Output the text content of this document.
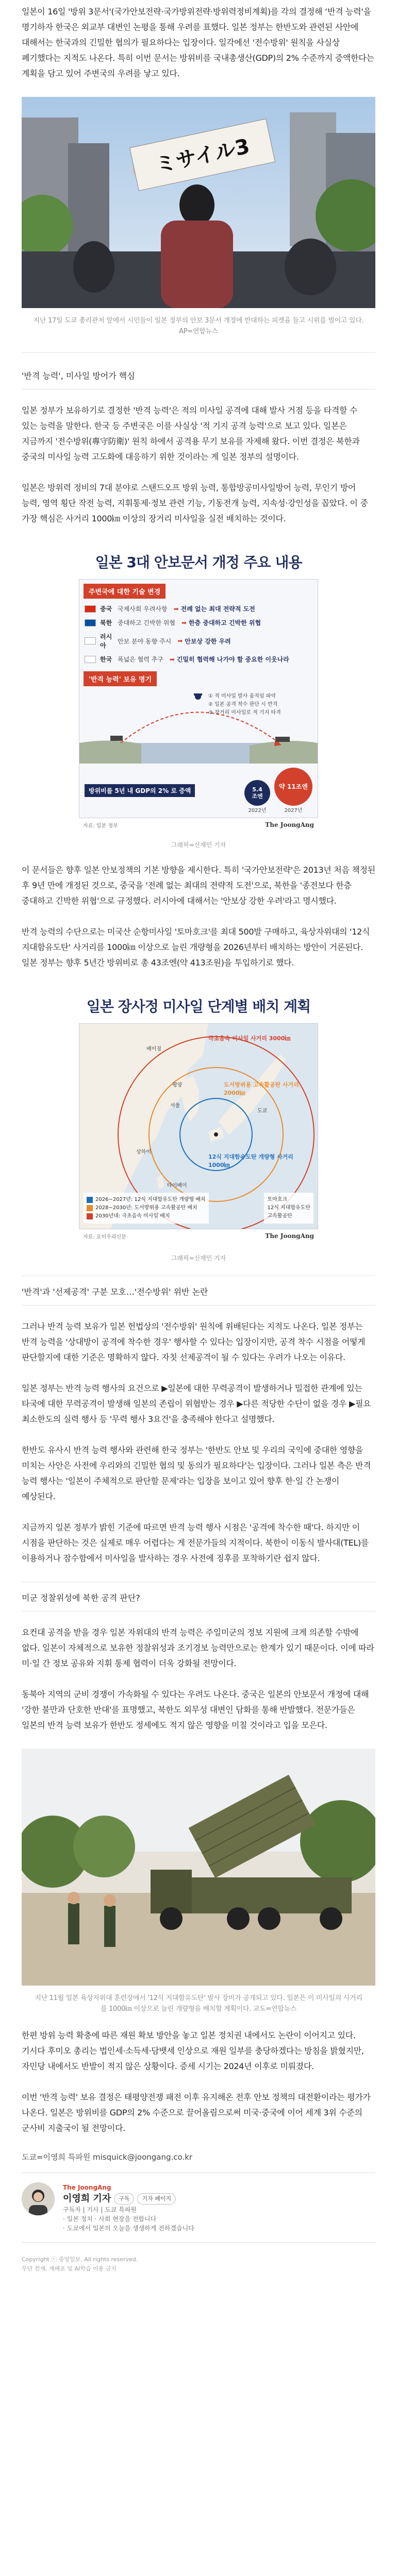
일본이 16일 '방위 3문서'(국가안보전략·국가방위전략·방위력정비계획)를 각의 결정해 ‘반격 능력'을 명기하자 한국은 외교부 대변인 논평을 통해 우려를 표했다. 일본 정부는 한반도와 관련된 사안에 대해서는 한국과의 긴밀한 협의가 필요하다는 입장이다. 일각에선 '전수방위' 원칙을 사실상 폐기했다는 지적도 나온다. 특히 이번 문서는 방위비를 국내총생산(GDP)의 2% 수준까지 증액한다는 계획을 담고 있어 주변국의 우려를 낳고 있다.

ミサイル3

지난 17일 도쿄 총리관저 앞에서 시민들이 일본 정부의 안보 3문서 개정에 반대하는 피켓을 들고 시위를 벌이고 있다. AP=연합뉴스

'반격 능력', 미사일 방어가 핵심

일본 정부가 보유하기로 결정한 '반격 능력'은 적의 미사일 공격에 대해 발사 거점 등을 타격할 수 있는 능력을 말한다. 한국 등 주변국은 이를 사실상 '적 기지 공격 능력'으로 보고 있다. 일본은 지금까지 '전수방위(專守防衛)' 원칙 하에서 공격용 무기 보유를 자제해 왔다. 이번 결정은 북한과 중국의 미사일 능력 고도화에 대응하기 위한 것이라는 게 일본 정부의 설명이다.

일본은 방위력 정비의 7대 분야로 스탠드오프 방위 능력, 통합방공미사일방어 능력, 무인기 방어 능력, 영역 횡단 작전 능력, 지휘통제·정보 관련 기능, 기동전개 능력, 지속성·강인성을 꼽았다. 이 중 가장 핵심은 사거리 1000㎞ 이상의 장거리 미사일을 실전 배치하는 것이다.

일본 3대 안보문서 개정 주요 내용
주변국에 대한 기술 변경
중국 국제사회 우려사항 ➡ 전례 없는 최대 전략적 도전
북한 중대하고 긴박한 위협 ➡ 한층 중대하고 긴박한 위협
러시아
안보 분야 동향 주시 ➡ 안보상 강한 우려
한국 폭넓은 협력 추구 ➡ 긴밀히 협력해 나가야 할 중요한 이웃나라
'반격 능력' 보유 명기
① 적 미사일 발사 움직임 파악
② 일본 공격 착수 판단 시 반격
③ 장거리 미사일로 적 기지 타격
방위비를 5년 내 GDP의 2% 로 증액	5.4
조엔
2022년
약 11조엔
2027년
자료: 일본 정부	The JoongAng

그래픽=신재민 기자

이 문서들은 향후 일본 안보정책의 기본 방향을 제시한다. 특히 '국가안보전략'은 2013년 처음 책정된 후 9년 만에 개정된 것으로, 중국을 '전례 없는 최대의 전략적 도전'으로, 북한을 '종전보다 한층 중대하고 긴박한 위협'으로 규정했다. 러시아에 대해서는 '안보상 강한 우려'라고 명시했다.

반격 능력의 수단으로는 미국산 순항미사일 '토마호크'를 최대 500발 구매하고, 육상자위대의 '12식 지대함유도탄' 사거리를 1000㎞ 이상으로 늘린 개량형을 2026년부터 배치하는 방안이 거론된다. 일본 정부는 향후 5년간 방위비로 총 43조엔(약 413조원)을 투입하기로 했다.

일본 장사정 미사일 단계별 배치 계획
극초음속 미사일 사거리 3000㎞
도서방위용 고속활공탄 사거리 2000㎞
12식 지대함유도탄 개량형 사거리 1000㎞
베이징
서울
평양
도쿄
상하이
타이베이
2026~2027년: 12식 지대함유도탄 개량형 배치
2028~2030년: 도서방위용 고속활공탄 배치
2030년대: 극초음속 미사일 배치
토마호크
12식 지대함유도탄
고속활공탄
자료: 요미우리신문	The JoongAng

그래픽=신재민 기자

'반격'과 '선제공격' 구분 모호…'전수방위' 위반 논란

그러나 반격 능력 보유가 일본 헌법상의 '전수방위' 원칙에 위배된다는 지적도 나온다. 일본 정부는 반격 능력을 '상대방이 공격에 착수한 경우' 행사할 수 있다는 입장이지만, 공격 착수 시점을 어떻게 판단할지에 대한 기준은 명확하지 않다. 자칫 선제공격이 될 수 있다는 우려가 나오는 이유다.

일본 정부는 반격 능력 행사의 요건으로 ▶일본에 대한 무력공격이 발생하거나 밀접한 관계에 있는 타국에 대한 무력공격이 발생해 일본의 존립이 위협받는 경우 ▶다른 적당한 수단이 없을 경우 ▶필요 최소한도의 실력 행사 등 '무력 행사 3요건'을 충족해야 한다고 설명했다.

한반도 유사시 반격 능력 행사와 관련해 한국 정부는 '한반도 안보 및 우리의 국익에 중대한 영향을 미치는 사안은 사전에 우리와의 긴밀한 협의 및 동의가 필요하다'는 입장이다. 그러나 일본 측은 반격 능력 행사는 '일본이 주체적으로 판단할 문제'라는 입장을 보이고 있어 향후 한·일 간 논쟁이 예상된다.

지금까지 일본 정부가 밝힌 기준에 따르면 반격 능력 행사 시점은 '공격에 착수한 때'다. 하지만 이 시점을 판단하는 것은 실제로 매우 어렵다는 게 전문가들의 지적이다. 북한이 이동식 발사대(TEL)를 이용하거나 잠수함에서 미사일을 발사하는 경우 사전에 징후를 포착하기란 쉽지 않다.

미군 정찰위성에 북한 공격 판단?

요컨대 공격을 받을 경우 일본 자위대의 반격 능력은 주일미군의 정보 지원에 크게 의존할 수밖에 없다. 일본이 자체적으로 보유한 정찰위성과 조기경보 능력만으로는 한계가 있기 때문이다. 이에 따라 미·일 간 정보 공유와 지휘 통제 협력이 더욱 강화될 전망이다.

동북아 지역의 군비 경쟁이 가속화될 수 있다는 우려도 나온다. 중국은 일본의 안보문서 개정에 대해 '강한 불만과 단호한 반대'를 표명했고, 북한도 외무성 대변인 담화를 통해 반발했다. 전문가들은 일본의 반격 능력 보유가 한반도 정세에도 적지 않은 영향을 미칠 것이라고 입을 모은다.

지난 11월 일본 육상자위대 훈련장에서 '12식 지대함유도탄' 발사 장비가 공개되고 있다. 일본은 이 미사일의 사거리를 1000㎞ 이상으로 늘린 개량형을 배치할 계획이다. 교도=연합뉴스

한편 방위 능력 확충에 따른 재원 확보 방안을 놓고 일본 정치권 내에서도 논란이 이어지고 있다. 기시다 후미오 총리는 법인세·소득세·담뱃세 인상으로 재원 일부를 충당하겠다는 방침을 밝혔지만, 자민당 내에서도 반발이 적지 않은 상황이다. 증세 시기는 2024년 이후로 미뤄졌다.

이번 '반격 능력' 보유 결정은 태평양전쟁 패전 이후 유지해온 전후 안보 정책의 대전환이라는 평가가 나온다. 일본은 방위비를 GDP의 2% 수준으로 끌어올림으로써 미국·중국에 이어 세계 3위 수준의 군사비 지출국이 될 전망이다.

도쿄=이영희 특파원 misquick@joongang.co.kr

The JoongAng
이영희 기자	구독	기자 페이지
구독자 | 기사 | 도쿄 특파원
· 일본 정치 · 사회 현장을 전합니다
· 도쿄에서 일본의 오늘을 생생하게 전하겠습니다
Copyright ⓒ 중앙일보. All rights reserved.
무단 전재, 재배포 및 AI학습 이용 금지
